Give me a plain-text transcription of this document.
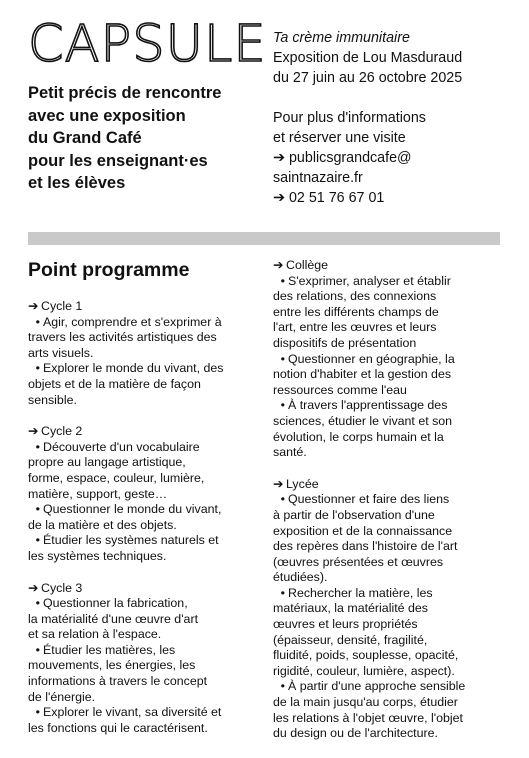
CAPSULE
Petit précis de rencontre
avec une exposition
du Grand Café
pour les enseignant·es
et les élèves
Ta crème immunitaire
Exposition de Lou Masduraud
du 27 juin au 26 octobre 2025
Pour plus d'informations
et réserver une visite
➔ publicsgrandcafe@
saintnazaire.fr
➔ 02 51 76 67 01
Point programme
➔ Cycle 1
• Agir, comprendre et s'exprimer à
travers les activités artistiques des
arts visuels.
• Explorer le monde du vivant, des
objets et de la matière de façon
sensible.
➔ Cycle 2
• Découverte d'un vocabulaire
propre au langage artistique,
forme, espace, couleur, lumière,
matière, support, geste…
• Questionner le monde du vivant,
de la matière et des objets.
• Étudier les systèmes naturels et
les systèmes techniques.
➔ Cycle 3
• Questionner la fabrication,
la matérialité d'une œuvre d'art
et sa relation à l'espace.
• Étudier les matières, les
mouvements, les énergies, les
informations à travers le concept
de l'énergie.
• Explorer le vivant, sa diversité et
les fonctions qui le caractérisent.
➔ Collège
• S'exprimer, analyser et établir
des relations, des connexions
entre les différents champs de
l'art, entre les œuvres et leurs
dispositifs de présentation
• Questionner en géographie, la
notion d'habiter et la gestion des
ressources comme l'eau
• À travers l'apprentissage des
sciences, étudier le vivant et son
évolution, le corps humain et la
santé.
➔ Lycée
• Questionner et faire des liens
à partir de l'observation d'une
exposition et de la connaissance
des repères dans l'histoire de l'art
(œuvres présentées et œuvres
étudiées).
• Rechercher la matière, les
matériaux, la matérialité des
œuvres et leurs propriétés
(épaisseur, densité, fragilité,
fluidité, poids, souplesse, opacité,
rigidité, couleur, lumière, aspect).
• À partir d'une approche sensible
de la main jusqu'au corps, étudier
les relations à l'objet œuvre, l'objet
du design ou de l'architecture.
